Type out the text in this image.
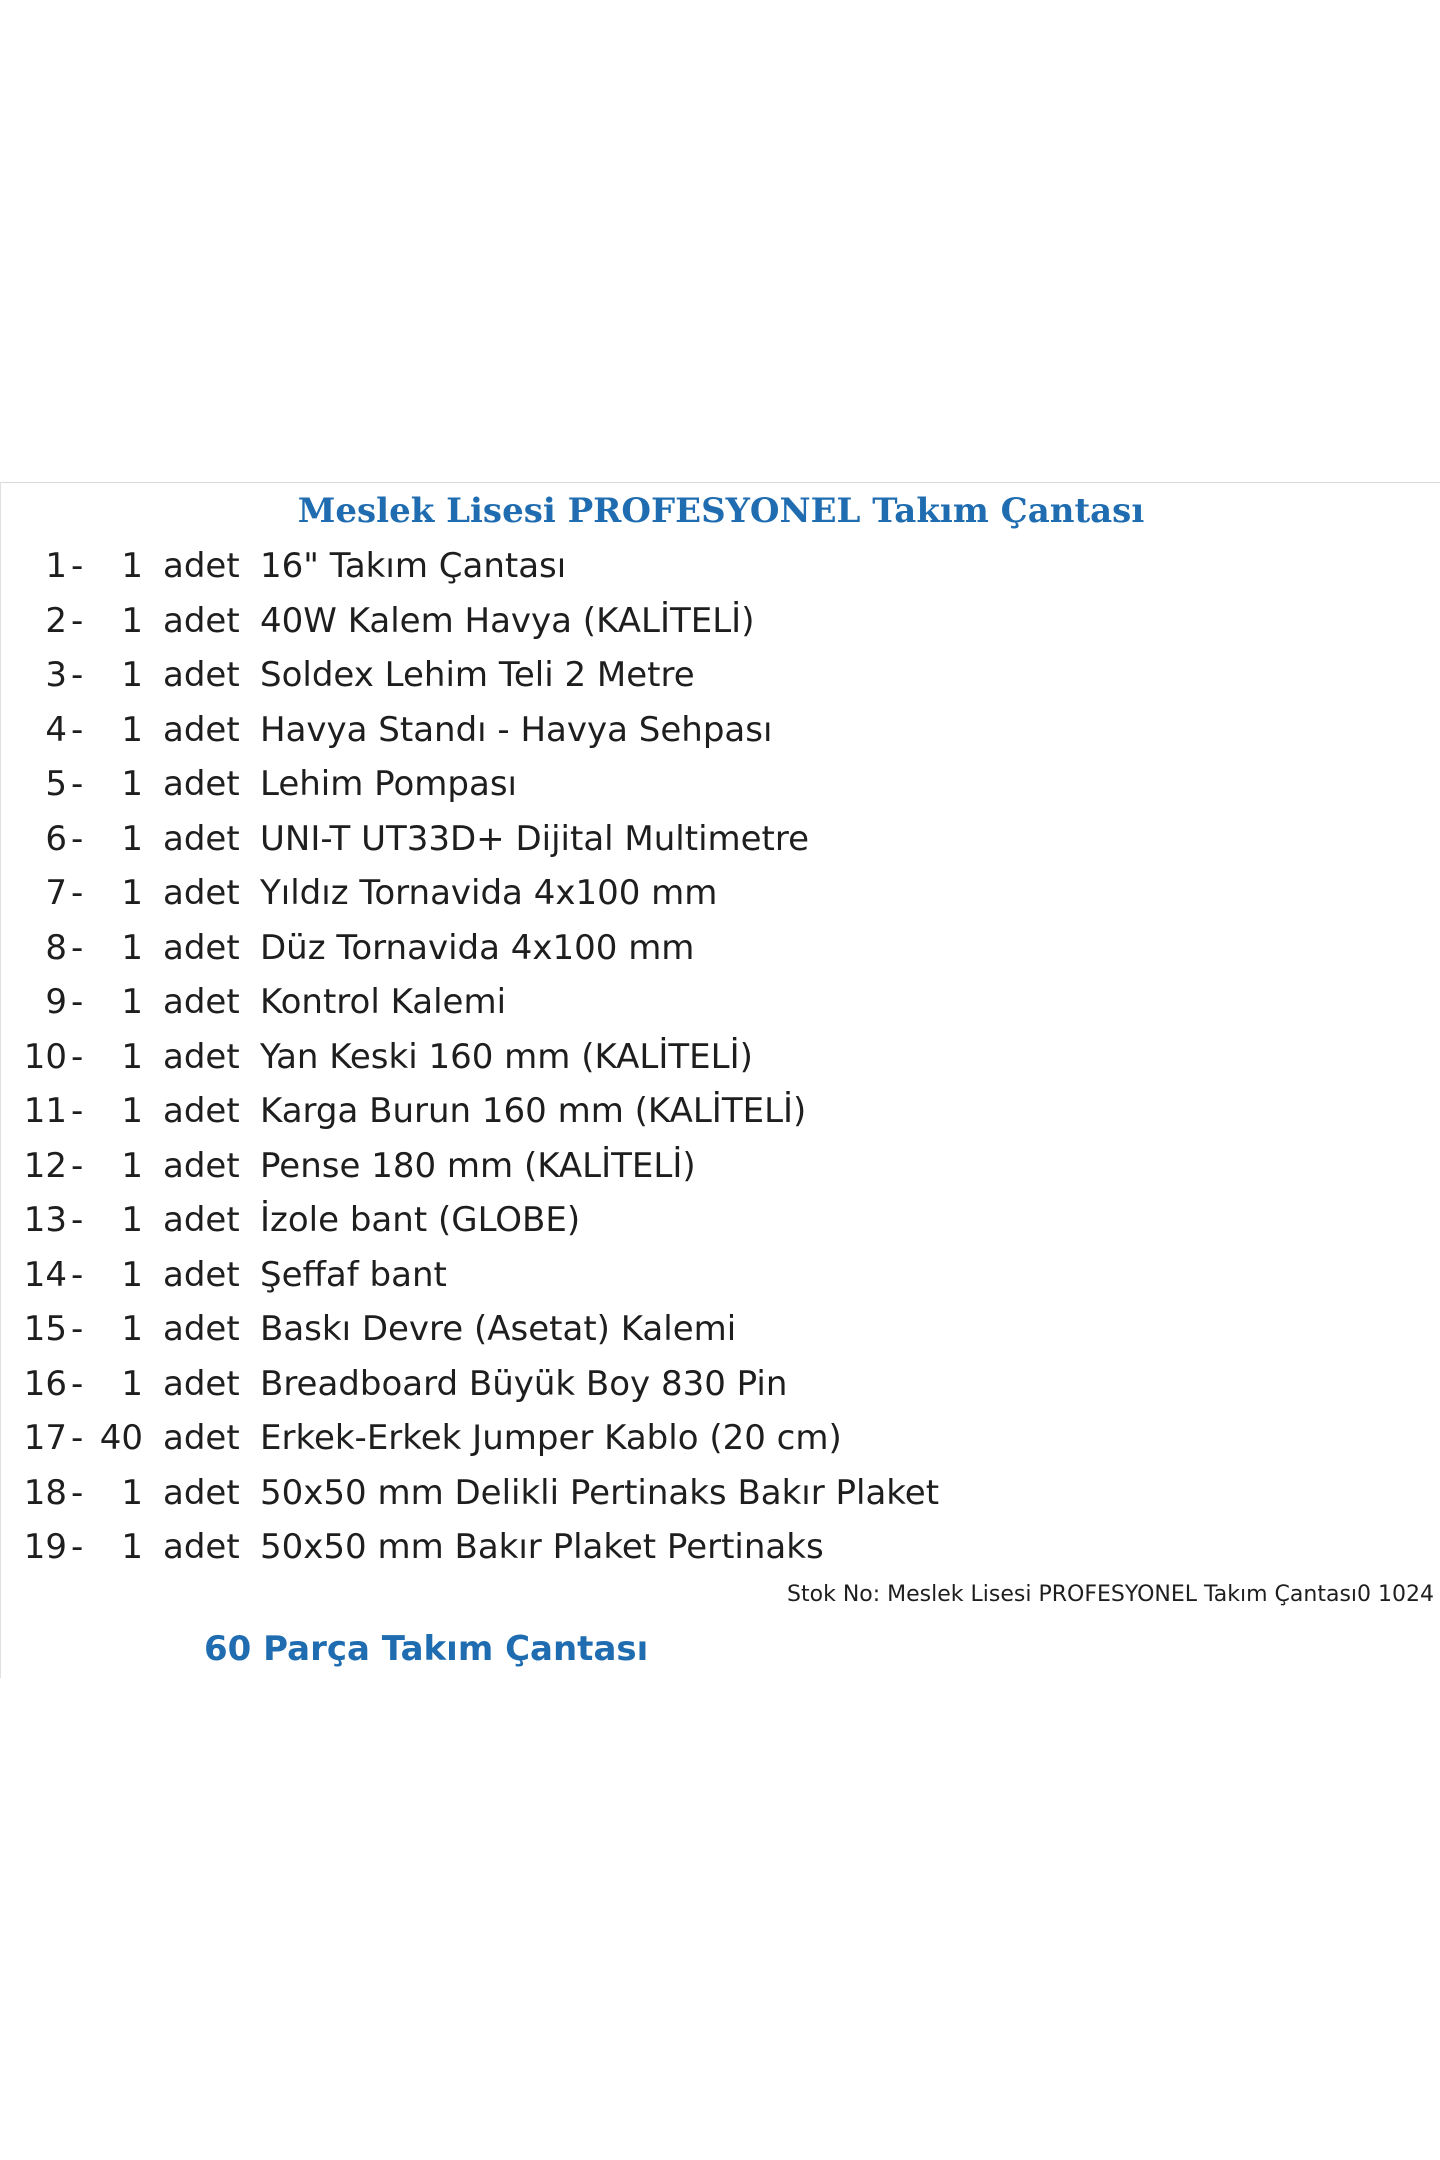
Meslek Lisesi PROFESYONEL Takım Çantası
1 -	1 adet 16" Takım Çantası
2 -	1 adet 40W Kalem Havya (KALİTELİ)
3 -	1 adet Soldex Lehim Teli 2 Metre
4 -	1 adet Havya Standı - Havya Sehpası
5 -	1 adet Lehim Pompası
6 -	1 adet UNI-T UT33D+ Dijital Multimetre
7 -	1 adet Yıldız Tornavida 4x100 mm
8 -	1 adet Düz Tornavida 4x100 mm
9 -	1 adet Kontrol Kalemi
10 -	1 adet Yan Keski 160 mm (KALİTELİ)
11 -	1 adet Karga Burun 160 mm (KALİTELİ)
12 -	1 adet Pense 180 mm (KALİTELİ)
13 -	1 adet İzole bant (GLOBE)
14 -	1 adet Şeffaf bant
15 -	1 adet Baskı Devre (Asetat) Kalemi
16 -	1 adet Breadboard Büyük Boy 830 Pin
17 - 40 adet Erkek-Erkek Jumper Kablo (20 cm)
18 -	1 adet 50x50 mm Delikli Pertinaks Bakır Plaket
19 -	1 adet 50x50 mm Bakır Plaket Pertinaks
Stok No: Meslek Lisesi PROFESYONEL Takım Çantası0 1024
60 Parça Takım Çantası
